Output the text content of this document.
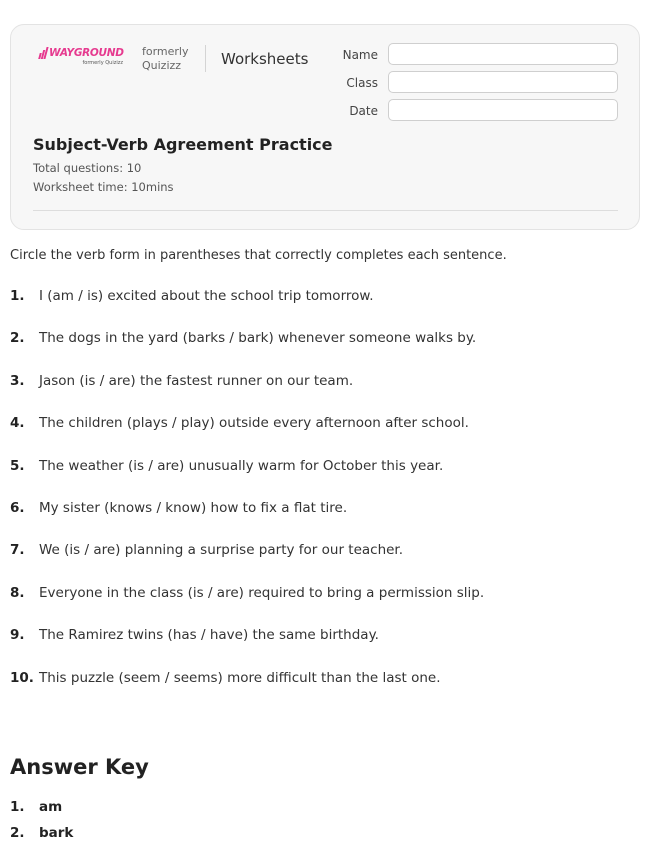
WAYGROUND
formerly Quizizz
formerly
Quizizz	Worksheets	Name
Class
Date
Subject-Verb Agreement Practice
Total questions: 10
Worksheet time: 10mins
Circle the verb form in parentheses that correctly completes each sentence.
1. I (am / is) excited about the school trip tomorrow.
2. The dogs in the yard (barks / bark) whenever someone walks by.
3. Jason (is / are) the fastest runner on our team.
4. The children (plays / play) outside every afternoon after school.
5. The weather (is / are) unusually warm for October this year.
6. My sister (knows / know) how to fix a flat tire.
7. We (is / are) planning a surprise party for our teacher.
8. Everyone in the class (is / are) required to bring a permission slip.
9. The Ramirez twins (has / have) the same birthday.
10. This puzzle (seem / seems) more difficult than the last one.
Answer Key
1. am
2. bark
